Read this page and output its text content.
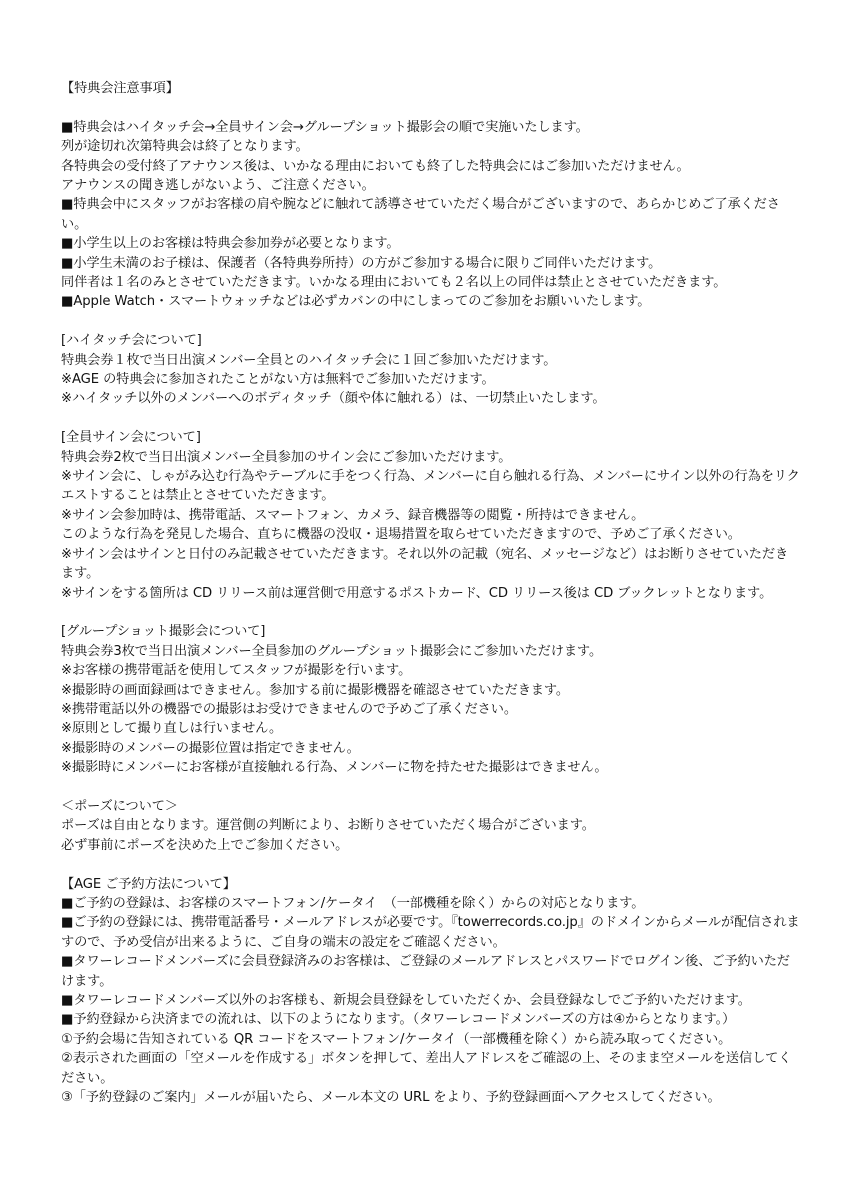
【特典会注意事項】
■特典会はハイタッチ会→全員サイン会→グループショット撮影会の順で実施いたします。
列が途切れ次第特典会は終了となります。
各特典会の受付終了アナウンス後は、いかなる理由においても終了した特典会にはご参加いただけません。
アナウンスの聞き逃しがないよう、ご注意ください。
■特典会中にスタッフがお客様の肩や腕などに触れて誘導させていただく場合がございますので、あらかじめご了承ください。
■小学生以上のお客様は特典会参加券が必要となります。
■小学生未満のお子様は、保護者（各特典券所持）の方がご参加する場合に限りご同伴いただけます。
同伴者は１名のみとさせていただきます。いかなる理由においても２名以上の同伴は禁止とさせていただきます。
■Apple Watch・スマートウォッチなどは必ずカバンの中にしまってのご参加をお願いいたします。
[ハイタッチ会について]
特典会券１枚で当日出演メンバー全員とのハイタッチ会に１回ご参加いただけます。
※AGE の特典会に参加されたことがない方は無料でご参加いただけます。
※ハイタッチ以外のメンバーへのボディタッチ（顔や体に触れる）は、一切禁止いたします。
[全員サイン会について]
特典会券2枚で当日出演メンバー全員参加のサイン会にご参加いただけます。
※サイン会に、しゃがみ込む行為やテーブルに手をつく行為、メンバーに自ら触れる行為、メンバーにサイン以外の行為をリクエストすることは禁止とさせていただきます。
※サイン会参加時は、携帯電話、スマートフォン、カメラ、録音機器等の閲覧・所持はできません。
このような行為を発見した場合、直ちに機器の没収・退場措置を取らせていただきますので、予めご了承ください。
※サイン会はサインと日付のみ記載させていただきます。それ以外の記載（宛名、メッセージなど）はお断りさせていただきます。
※サインをする箇所は CD リリース前は運営側で用意するポストカード、CD リリース後は CD ブックレットとなります。
[グループショット撮影会について]
特典会券3枚で当日出演メンバー全員参加のグループショット撮影会にご参加いただけます。
※お客様の携帯電話を使用してスタッフが撮影を行います。
※撮影時の画面録画はできません。参加する前に撮影機器を確認させていただきます。
※携帯電話以外の機器での撮影はお受けできませんので予めご了承ください。
※原則として撮り直しは行いません。
※撮影時のメンバーの撮影位置は指定できません。
※撮影時にメンバーにお客様が直接触れる行為、メンバーに物を持たせた撮影はできません。
＜ポーズについて＞
ポーズは自由となります。運営側の判断により、お断りさせていただく場合がございます。
必ず事前にポーズを決めた上でご参加ください。
【AGE ご予約方法について】
■ご予約の登録は、お客様のスマートフォン/ケータイ　（一部機種を除く）からの対応となります。
■ご予約の登録には、携帯電話番号・メールアドレスが必要です。『towerrecords.co.jp』のドメインからメールが配信されますので、予め受信が出来るように、ご自身の端末の設定をご確認ください。
■タワーレコードメンバーズに会員登録済みのお客様は、ご登録のメールアドレスとパスワードでログイン後、ご予約いただけます。
■タワーレコードメンバーズ以外のお客様も、新規会員登録をしていただくか、会員登録なしでご予約いただけます。
■予約登録から決済までの流れは、以下のようになります。（タワーレコードメンバーズの方は④からとなります。）
①予約会場に告知されている QR コードをスマートフォン/ケータイ（一部機種を除く）から読み取ってください。
②表示された画面の「空メールを作成する」ボタンを押して、差出人アドレスをご確認の上、そのまま空メールを送信してください。
③「予約登録のご案内」メールが届いたら、メール本文の URL をより、予約登録画面へアクセスしてください。
